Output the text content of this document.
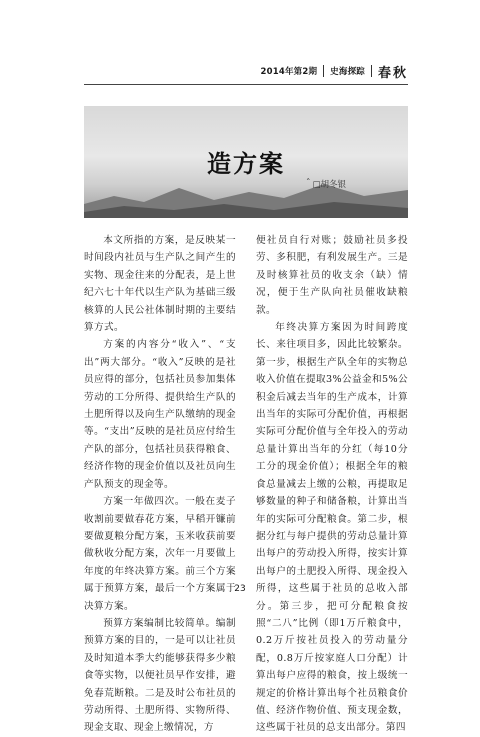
2014年第2期 史海探踪 春秋
造方案
ˆ □胡冬银

本文所指的方案，是反映某一时间段内社员与生产队之间产生的实物、现金往来的分配表，是上世纪六七十年代以生产队为基础三级核算的人民公社体制时期的主要结算方式。

方案的内容分“收入”、“支出”两大部分。“收入”反映的是社员应得的部分，包括社员参加集体劳动的工分所得、提供给生产队的土肥所得以及向生产队缴纳的现金等。“支出”反映的是社员应付给生产队的部分，包括社员获得粮食、经济作物的现金价值以及社员向生产队预支的现金等。

方案一年做四次。一般在麦子收割前要做春花方案，早稻开镰前要做夏粮分配方案，玉米收获前要做秋收分配方案，次年一月要做上年度的年终决算方案。前三个方案属于预算方案，最后一个方案属于决算方案。

预算方案编制比较简单。编制预算方案的目的，一是可以让社员及时知道本季大约能够获得多少粮食等实物，以便社员早作安排，避免春荒断粮。二是及时公布社员的劳动所得、土肥所得、实物所得、现金支取、现金上缴情况，方

便社员自行对账；鼓励社员多投劳、多积肥，有利发展生产。三是及时核算社员的收支余（缺）情况，便于生产队向社员催收缺粮款。

年终决算方案因为时间跨度长、来往项目多，因此比较繁杂。第一步，根据生产队全年的实物总收入价值在提取3%公益金和5%公积金后减去当年的生产成本，计算出当年的实际可分配价值，再根据实际可分配价值与全年投入的劳动总量计算出当年的分红（每10分工分的现金价值）；根据全年的粮食总量减去上缴的公粮，再提取足够数量的种子和储备粮，计算出当年的实际可分配粮食。第二步，根据分红与每户提供的劳动总量计算出每户的劳动投入所得，按实计算出每户的土肥投入所得、现金投入所得，这些属于社员的总收入部分。第三步，把可分配粮食按照“二八”比例（即1万斤粮食中，0.2万斤按社员投入的劳动量分配，0.8万斤按家庭人口分配）计算出每户应得的粮食，按上级统一规定的价格计算出每个社员粮食价值、经济作物价值、预支现金数，这些属于社员的总支出部分。第四

23
